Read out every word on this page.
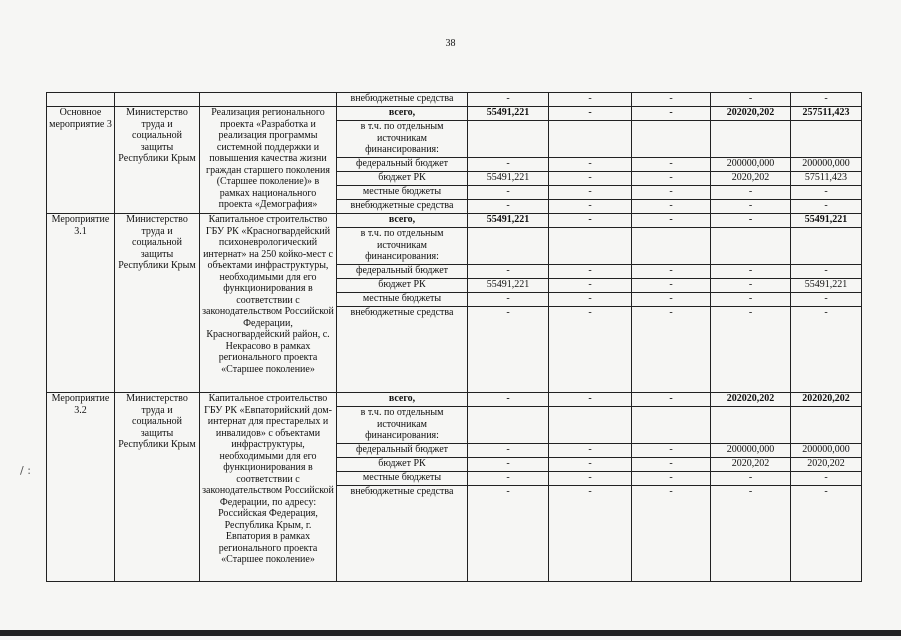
38
			внебюджетные средства	-	-	-	-	-
Основное мероприятие 3	Министерство труда и социальной защиты Республики Крым	Реализация регионального проекта «Разработка и реализация программы системной поддержки и повышения качества жизни граждан старшего поколения (Старшее поколение)» в рамках национального проекта «Демография»	всего,	55491,221	-	-	202020,202	257511,423
			в т.ч. по отдельным источникам финансирования:					
			федеральный бюджет	-	-	-	200000,000	200000,000
			бюджет РК	55491,221	-	-	2020,202	57511,423
			местные бюджеты	-	-	-	-	-
			внебюджетные средства	-	-	-	-	-
Мероприятие 3.1	Министерство труда и социальной защиты Республики Крым	Капитальное строительство ГБУ РК «Красногвардейский психоневрологический интернат» на 250 койко-мест с объектами инфраструктуры, необходимыми для его функционирования в соответствии с законодательством Российской Федерации, Красногвардейский район, с. Некрасово в рамках регионального проекта «Старшее поколение»	всего,	55491,221	-	-	-	55491,221
			в т.ч. по отдельным источникам финансирования:					
			федеральный бюджет	-	-	-	-	-
			бюджет РК	55491,221	-	-	-	55491,221
			местные бюджеты	-	-	-	-	-
			внебюджетные средства	-	-	-	-	-
Мероприятие 3.2	Министерство труда и социальной защиты Республики Крым	Капитальное строительство ГБУ РК «Евпаторийский дом-интернат для престарелых и инвалидов» с объектами инфраструктуры, необходимыми для его функционирования в соответствии с законодательством Российской Федерации, по адресу: Российская Федерация, Республика Крым, г. Евпатория в рамках регионального проекта «Старшее поколение»	всего,	-	-	-	202020,202	202020,202
			в т.ч. по отдельным источникам финансирования:					
			федеральный бюджет	-	-	-	200000,000	200000,000
			бюджет РК	-	-	-	2020,202	2020,202
			местные бюджеты	-	-	-	-	-
			внебюджетные средства	-	-	-	-	-
/ :
